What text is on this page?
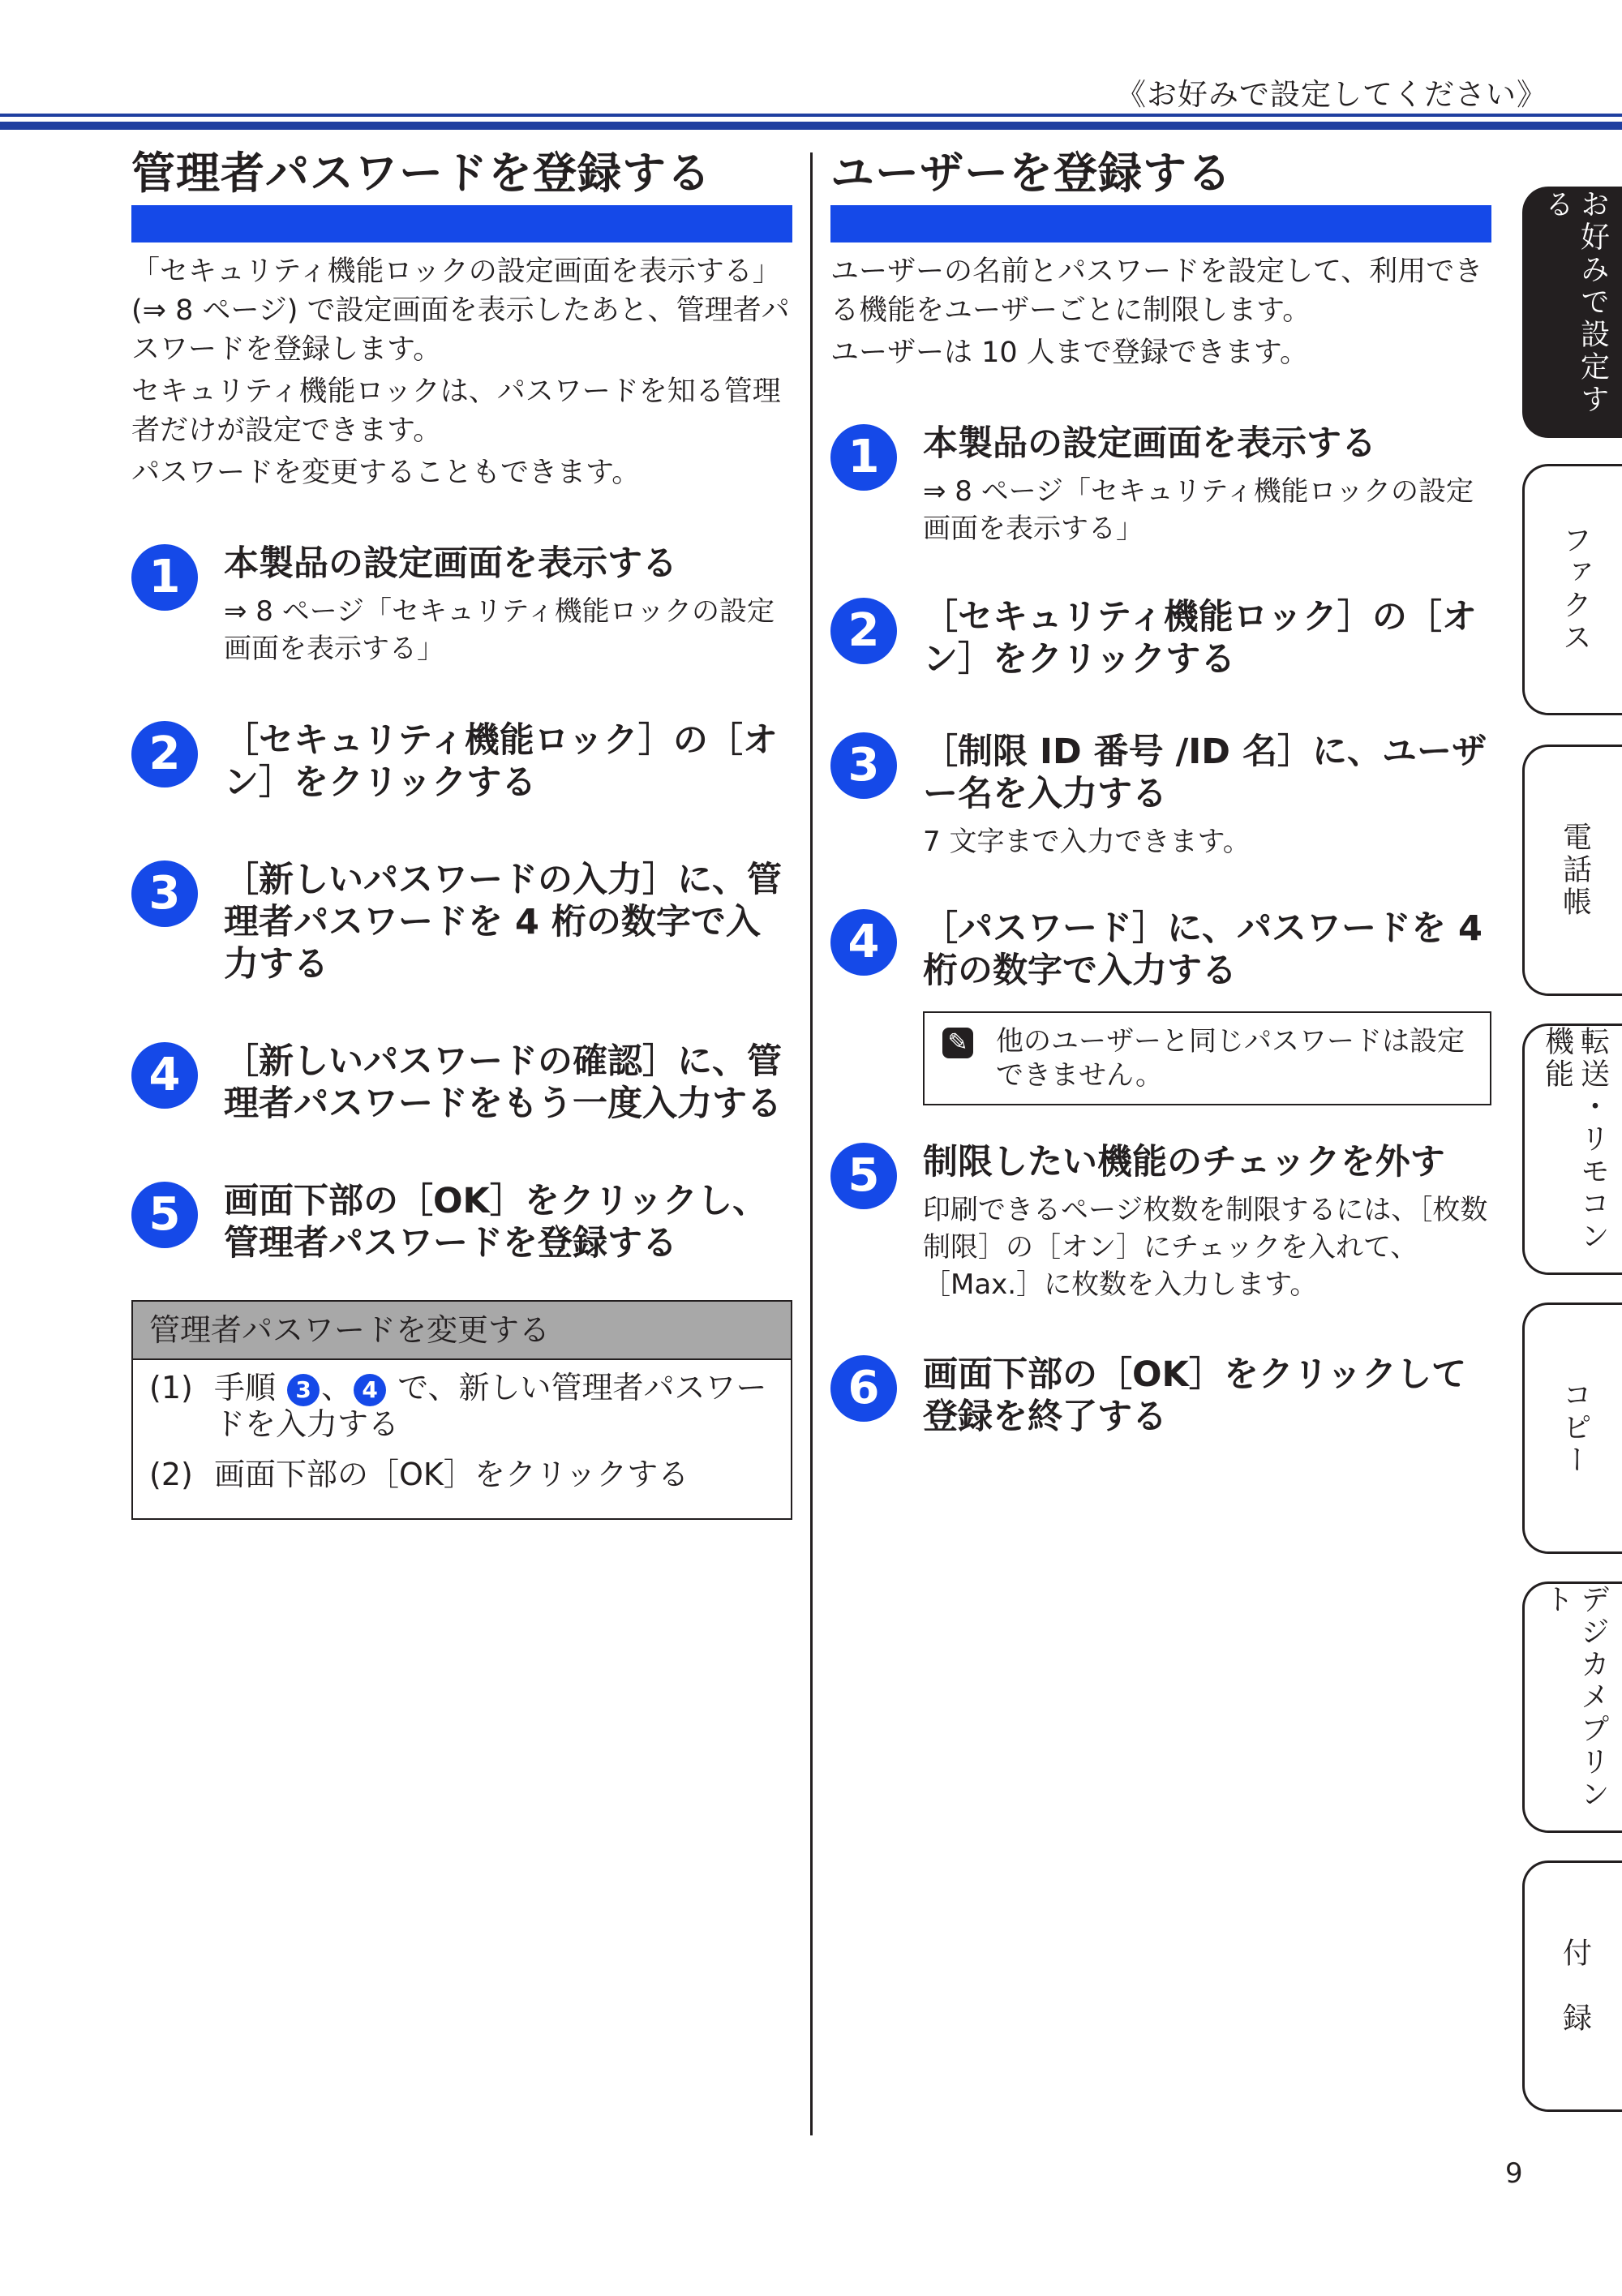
《お好みで設定してください》
管理者パスワードを登録する

「セキュリティ機能ロックの設定画面を表示する」(⇒ 8 ページ) で設定画面を表示したあと、管理者パスワードを登録します。

セキュリティ機能ロックは、パスワードを知る管理者だけが設定できます。

パスワードを変更することもできます。

1	本製品の設定画面を表示する
⇒ 8 ページ「セキュリティ機能ロックの設定画面を表示する」
2	［セキュリティ機能ロック］の［オン］をクリックする
3	［新しいパスワードの入力］に、管理者パスワードを 4 桁の数字で入力する
4	［新しいパスワードの確認］に、管理者パスワードをもう一度入力する
5	画面下部の［OK］をクリックし、管理者パスワードを登録する
管理者パスワードを変更する
(1) 手順 3 、 4 で、新しい管理者パスワードを入力する
(2) 画面下部の［OK］をクリックする
ユーザーを登録する

ユーザーの名前とパスワードを設定して、利用できる機能をユーザーごとに制限します。

ユーザーは 10 人まで登録できます。

1	本製品の設定画面を表示する
⇒ 8 ページ「セキュリティ機能ロックの設定画面を表示する」
2	［セキュリティ機能ロック］の［オン］をクリックする
3	［制限 ID 番号 /ID 名］に、ユーザー名を入力する
7 文字まで入力できます。
4	［パスワード］に、パスワードを 4 桁の数字で入力する
✎ 他のユーザーと同じパスワードは設定できません。
5	制限したい機能のチェックを外す
印刷できるページ枚数を制限するには、［枚数制限］の［オン］にチェックを入れて、［Max.］に枚数を入力します。
6	画面下部の［OK］をクリックして登録を終了する
お好みで設定する
ファクス
電話帳
転送・リモコン機能
コピー
デジカメプリント
付　録
9
